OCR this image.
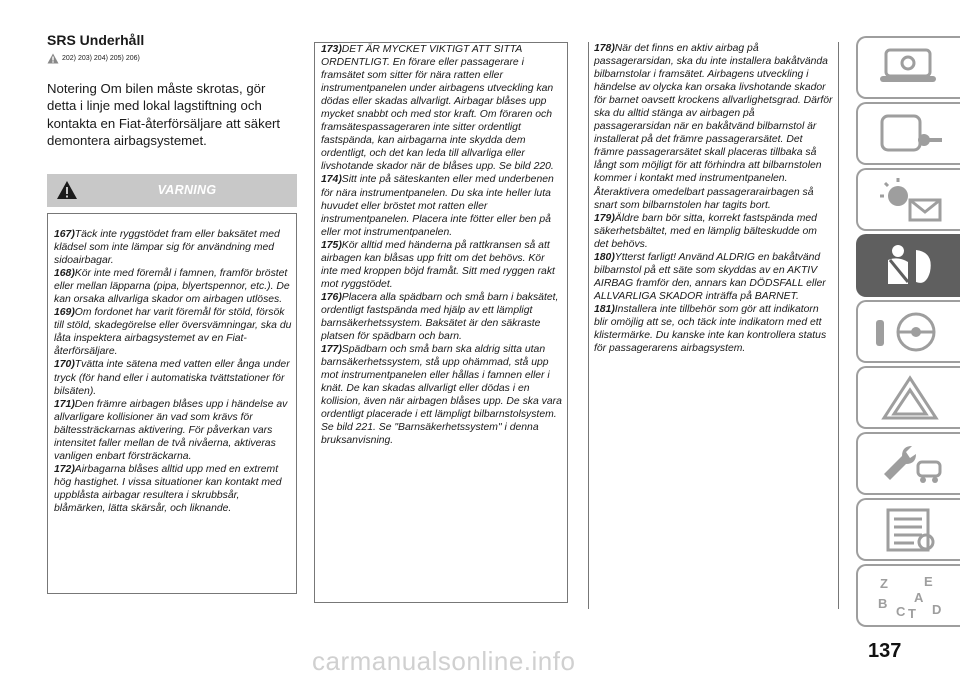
SRS Underhåll
202) 203) 204) 205) 206)
Notering Om bilen måste skrotas, gör detta i linje med lokal lagstiftning och kontakta en Fiat-återförsäljare att säkert demontera airbagsystemet.
VARNING

167)Täck inte ryggstödet fram eller baksätet med klädsel som inte lämpar sig för användning med sidoairbagar.

168)Kör inte med föremål i famnen, framför bröstet eller mellan läpparna (pipa, blyertspennor, etc.). De kan orsaka allvarliga skador om airbagen utlöses.

169)Om fordonet har varit föremål för stöld, försök till stöld, skadegörelse eller översvämningar, ska du låta inspektera airbagsystemet av en Fiat-återförsäljare.

170)Tvätta inte sätena med vatten eller ånga under tryck (för hand eller i automatiska tvättstationer för bilsäten).

171)Den främre airbagen blåses upp i händelse av allvarligare kollisioner än vad som krävs för bältessträckarnas aktivering. För påverkan vars intensitet faller mellan de två nivåerna, aktiveras vanligen enbart försträckarna.

172)Airbagarna blåses alltid upp med en extremt hög hastighet. I vissa situationer kan kontakt med uppblåsta airbagar resultera i skrubbsår, blåmärken, lätta skärsår, och liknande.

173)DET ÄR MYCKET VIKTIGT ATT SITTA ORDENTLIGT. En förare eller passagerare i framsätet som sitter för nära ratten eller instrumentpanelen under airbagens utveckling kan dödas eller skadas allvarligt. Airbagar blåses upp mycket snabbt och med stor kraft. Om föraren och framsätespassageraren inte sitter ordentligt fastspända, kan airbagarna inte skydda dem ordentligt, och det kan leda till allvarliga eller livshotande skador när de blåses upp. Se bild 220.

174)Sitt inte på säteskanten eller med underbenen för nära instrumentpanelen. Du ska inte heller luta huvudet eller bröstet mot ratten eller instrumentpanelen. Placera inte fötter eller ben på eller mot instrumentpanelen.

175)Kör alltid med händerna på rattkransen så att airbagen kan blåsas upp fritt om det behövs. Kör inte med kroppen böjd framåt. Sitt med ryggen rakt mot ryggstödet.

176)Placera alla spädbarn och små barn i baksätet, ordentligt fastspända med hjälp av ett lämpligt barnsäkerhetssystem. Baksätet är den säkraste platsen för spädbarn och barn.

177)Spädbarn och små barn ska aldrig sitta utan barnsäkerhetssystem, stå upp ohämmad, stå upp mot instrumentpanelen eller hållas i famnen eller i knät. De kan skadas allvarligt eller dödas i en kollision, även när airbagen blåses upp. De ska vara ordentligt placerade i ett lämpligt bilbarnstolsystem. Se bild 221. Se "Barnsäkerhetssystem" i denna bruksanvisning.

178)När det finns en aktiv airbag på passagerarsidan, ska du inte installera bakåtvända bilbarnstolar i framsätet. Airbagens utveckling i händelse av olycka kan orsaka livshotande skador för barnet oavsett krockens allvarlighetsgrad. Därför ska du alltid stänga av airbagen på passagerarsidan när en bakåtvänd bilbarnstol är installerat på det främre passagerarsätet. Det främre passagerarsätet skall placeras tillbaka så långt som möjligt för att förhindra att bilbarnstolen kommer i kontakt med instrumentpanelen. Återaktivera omedelbart passagerarairbagen så snart som bilbarnstolen har tagits bort.

179)Äldre barn bör sitta, korrekt fastspända med säkerhetsbältet, med en lämplig bälteskudde om det behövs.

180)Ytterst farligt! Använd ALDRIG en bakåtvänd bilbarnstol på ett säte som skyddas av en AKTIV AIRBAG framför den, annars kan DÖDSFALL eller ALLVARLIGA SKADOR inträffa på BARNET.

181)Installera inte tillbehör som gör att indikatorn blir omöjlig att se, och täck inte indikatorn med ett klistermärke. Du kanske inte kan kontrollera status för passagerarens airbagsystem.

Z	E
A
B
C T D
137
carmanualsonline.info
